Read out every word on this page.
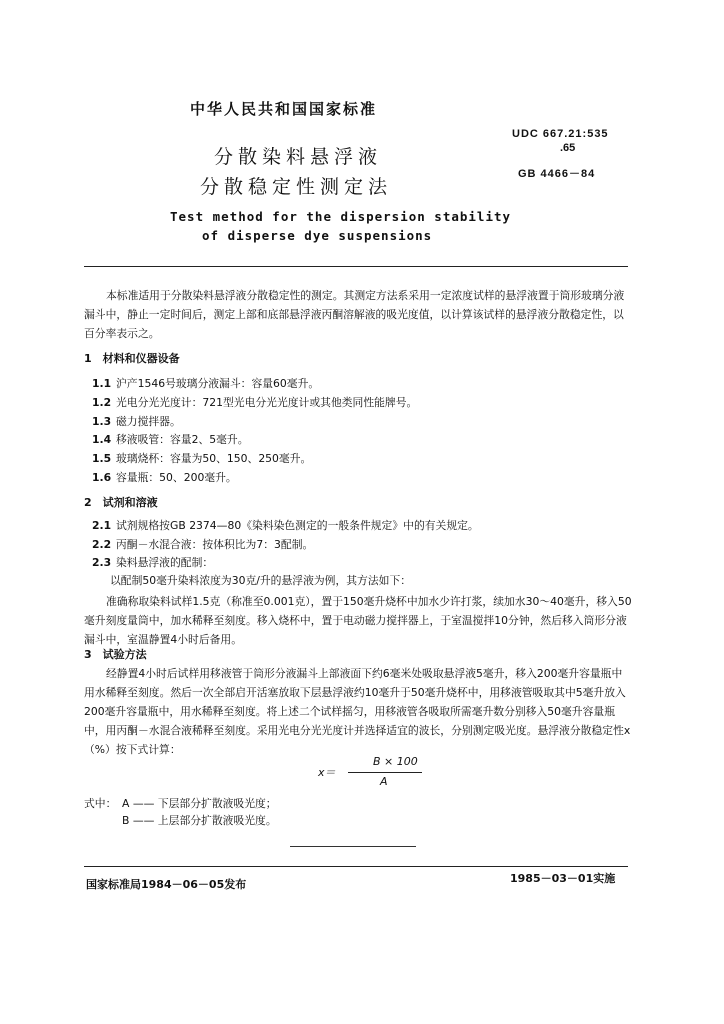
中华人民共和国国家标准
UDC 667.21:535
.65
分散染料悬浮液
GB 4466－84
分散稳定性测定法
Test method for the dispersion stability
of disperse dye suspensions
本标准适用于分散染料悬浮液分散稳定性的测定。其测定方法系采用一定浓度试样的悬浮液置于筒形玻璃分液漏斗中，静止一定时间后，测定上部和底部悬浮液丙酮溶解液的吸光度值，以计算该试样的悬浮液分散稳定性，以百分率表示之。
1　材料和仪器设备
1.1 沪产1546号玻璃分液漏斗：容量60毫升。
1.2 光电分光光度计：721型光电分光光度计或其他类同性能牌号。
1.3 磁力搅拌器。
1.4 移液吸管：容量2、5毫升。
1.5 玻璃烧杯：容量为50、150、250毫升。
1.6 容量瓶：50、200毫升。
2　试剂和溶液
2.1 试剂规格按GB 2374—80《染料染色测定的一般条件规定》中的有关规定。
2.2 丙酮－水混合液：按体积比为7：3配制。
2.3 染料悬浮液的配制：
以配制50毫升染料浓度为30克/升的悬浮液为例，其方法如下：
准确称取染料试样1.5克（称准至0.001克），置于150毫升烧杯中加水少许打浆，续加水30～40毫升，移入50毫升刻度量筒中，加水稀释至刻度。移入烧杯中，置于电动磁力搅拌器上，于室温搅拌10分钟，然后移入筒形分液漏斗中，室温静置4小时后备用。
3　试验方法
经静置4小时后试样用移液管于筒形分液漏斗上部液面下约6毫米处吸取悬浮液5毫升，移入200毫升容量瓶中用水稀释至刻度。然后一次全部启开活塞放取下层悬浮液约10毫升于50毫升烧杯中，用移液管吸取其中5毫升放入200毫升容量瓶中，用水稀释至刻度。将上述二个试样摇匀，用移液管各吸取所需毫升数分别移入50毫升容量瓶中，用丙酮－水混合液稀释至刻度。采用光电分光光度计并选择适宜的波长，分别测定吸光度。悬浮液分散稳定性x（%）按下式计算：
B × 100
x＝
A
式中： A —— 下层部分扩散液吸光度；
B —— 上层部分扩散液吸光度。
国家标准局1984－06－05发布	1985－03－01实施
